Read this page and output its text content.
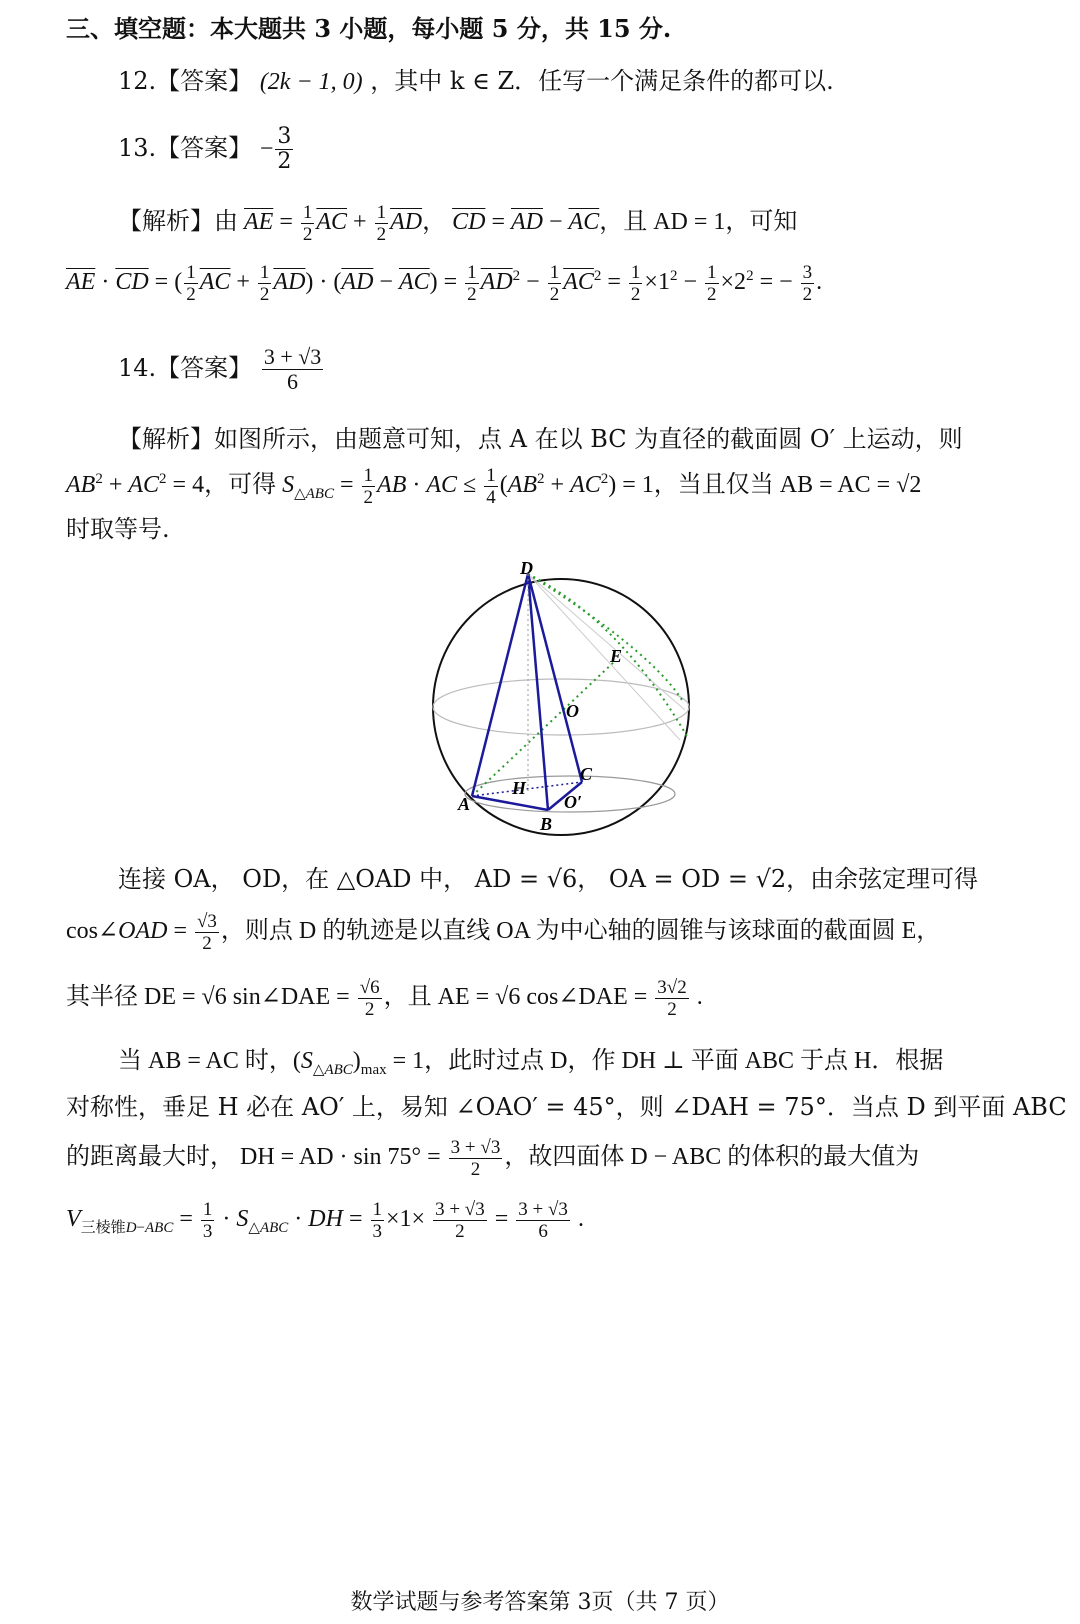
三、填空题：本大题共 3 小题，每小题 5 分，共 15 分.
12.【答案】 (2k − 1, 0) ，其中 k ∈ Z．任写一个满足条件的都可以.
13.【答案】 − $\frac{3}{2}$
【解析】由 $\overline{AE} = \frac{1}{2} \overline{AC} + \frac{1}{2} \overline{AD}$， $\overline{CD} = \overline{AD} - \overline{AC}$，且 AD = 1，可知
$\overline{AE} \cdot \overline{CD}$ = ( $\frac{1}{2} \overline{AC} + \frac{1}{2} \overline{AD}) \cdot (\overline{AD} - \overline{AC}) = \frac{1}{2} \overline{AD}^2 - \frac{1}{2} \overline{AC}^2 = \frac{1}{2} \times 1^2 - \frac{1}{2} \times 2^2$ = − $\frac{3}{2}$ .
14.【答案】 $\frac{3 + √3}{6}$
【解析】如图所示，由题意可知，点 A 在以 BC 为直径的截面圆 O′ 上运动，则
$AB^2 + AC^2 = 4$，可得 $S_{\triangle ABC} = \frac{1}{2}$ AB · AC ≤ $\frac{1}{4} (AB^2 + AC^2) = 1$，当且仅当 AB = AC = √2
时取等号.
D
E
O
C
H
A	O′
B
连接 OA， OD，在 △OAD 中， AD = √6， OA = OD = √2，由余弦定理可得
cos∠OAD = $\frac{√3}{2}$ ，则点 D 的轨迹是以直线 OA 为中心轴的圆锥与该球面的截面圆 E，
其半径 DE = √6 sin∠DAE = $\frac{√6}{2}$ ，且 AE = √6 cos∠DAE = $\frac{3√2}{2}$ .
当 AB = AC 时，$(S_{\triangle ABC})_{max} = 1$，此时过点 D，作 DH ⊥ 平面 ABC 于点 H．根据
对称性，垂足 H 必在 AO′ 上，易知 ∠OAO′ = 45°，则 ∠DAH = 75°．当点 D 到平面 ABC
的距离最大时， DH = AD · $\sin 75^\circ = \frac{3 + √3}{2}$ ，故四面体 D − ABC 的体积的最大值为
$V_{三棱锥D-ABC} = \frac{1}{3} \cdot S_{\triangle ABC}$ · DH = $\frac{1}{3} \times 1\times \frac{3 + √3}{2} = \frac{3 + √3}{6}$ .
数学试题与参考答案第 3页（共 7 页）
